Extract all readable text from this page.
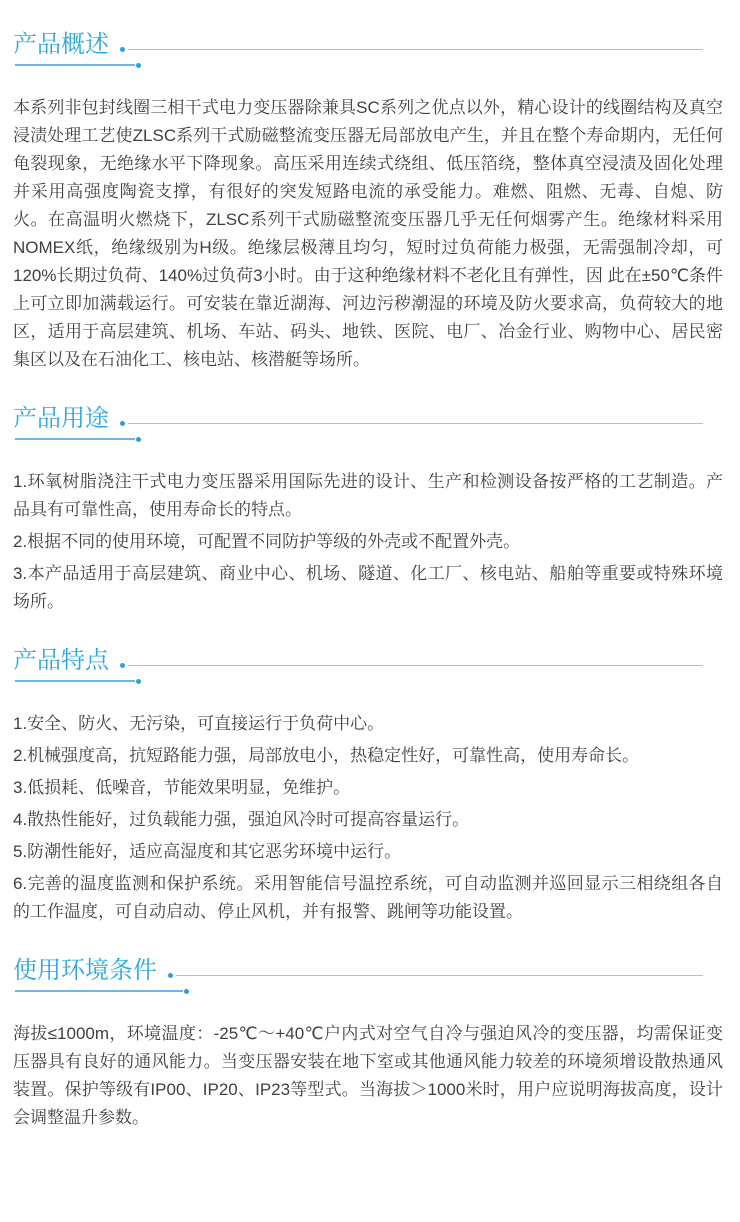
产品概述

本系列非包封线圈三相干式电力变压器除兼具SC系列之优点以外，精心设计的线圈结构及真空浸渍处理工艺使ZLSC系列干式励磁整流变压器无局部放电产生，并且在整个寿命期内，无任何龟裂现象，无绝缘水平下降现象。高压采用连续式绕组、低压箔绕，整体真空浸渍及固化处理并采用高强度陶瓷支撑，有很好的突发短路电流的承受能力。难燃、阻燃、无毒、自熄、防火。在高温明火燃烧下，ZLSC系列干式励磁整流变压器几乎无任何烟雾产生。绝缘材料采用NOMEX纸，绝缘级别为H级。绝缘层极薄且均匀，短时过负荷能力极强，无需强制冷却，可120%长期过负荷、140%过负荷3小时。由于这种绝缘材料不老化且有弹性，因 此在±50℃条件上可立即加满载运行。可安装在靠近湖海、河边污秽潮湿的环境及防火要求高，负荷较大的地区，适用于高层建筑、机场、车站、码头、地铁、医院、电厂、冶金行业、购物中心、居民密集区以及在石油化工、核电站、核潜艇等场所。

产品用途

1.环氧树脂浇注干式电力变压器采用国际先进的设计、生产和检测设备按严格的工艺制造。产品具有可靠性高，使用寿命长的特点。

2.根据不同的使用环境，可配置不同防护等级的外壳或不配置外壳。

3.本产品适用于高层建筑、商业中心、机场、隧道、化工厂、核电站、船舶等重要或特殊环境场所。

产品特点

1.安全、防火、无污染，可直接运行于负荷中心。

2.机械强度高，抗短路能力强，局部放电小，热稳定性好，可靠性高，使用寿命长。

3.低损耗、低噪音，节能效果明显，免维护。

4.散热性能好，过负载能力强，强迫风冷时可提高容量运行。

5.防潮性能好，适应高湿度和其它恶劣环境中运行。

6.完善的温度监测和保护系统。采用智能信号温控系统，可自动监测并巡回显示三相绕组各自的工作温度，可自动启动、停止风机，并有报警、跳闸等功能设置。

使用环境条件

海拔≤1000m，环境温度：-25℃～+40℃户内式对空气自冷与强迫风冷的变压器，均需保证变压器具有良好的通风能力。当变压器安装在地下室或其他通风能力较差的环境须增设散热通风装置。保护等级有IP00、IP20、IP23等型式。当海拔＞1000米时，用户应说明海拔高度，设计会调整温升参数。
